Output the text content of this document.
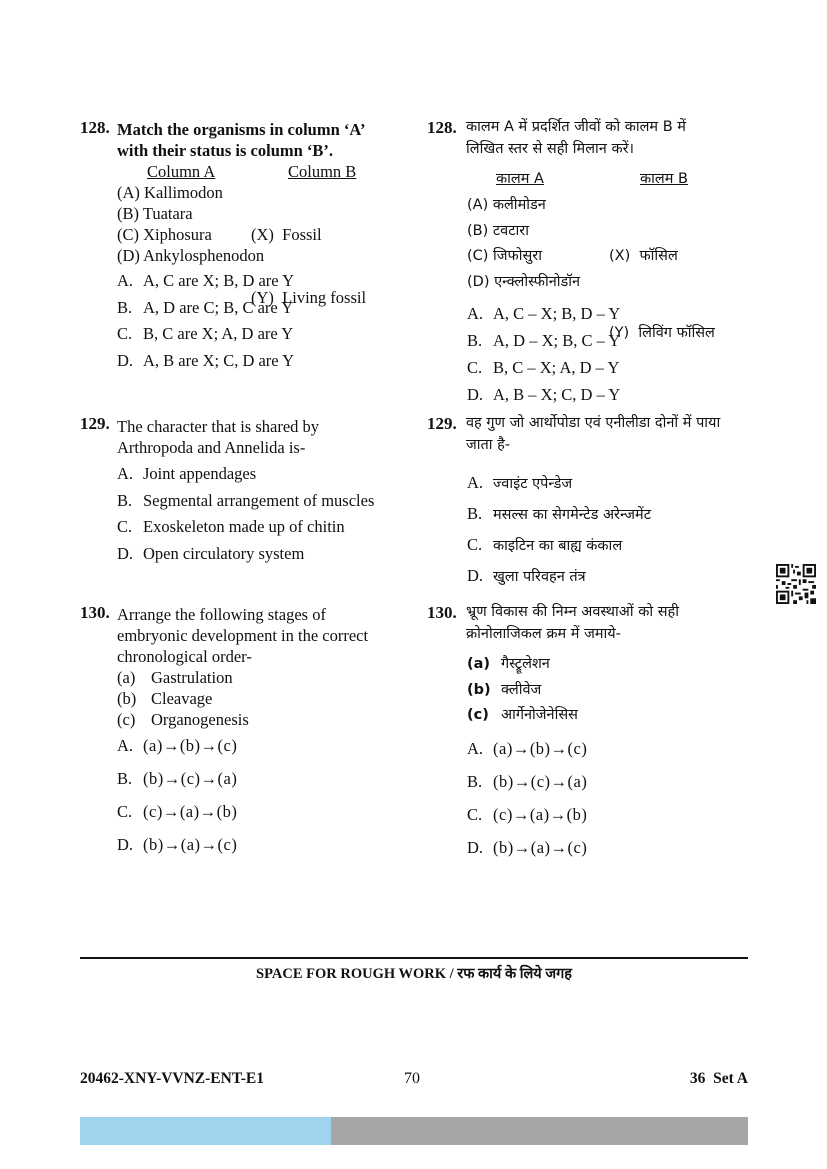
128. Match the organisms in column ‘A’
with their status is column ‘B’.
Column A	Column B
(A) Kallimodon
(B) Tuatara
(C) Xiphosura
(D) Ankylosphenodon

(X)  Fossil

(Y)  Living fossil

A. A, C are X; B, D are Y
B. A, D are C; B, C are Y
C. B, C are X; A, D are Y
D. A, B are X; C, D are Y
129. The character that is shared by
Arthropoda and Annelida is-
A. Joint appendages
B. Segmental arrangement of muscles
C. Exoskeleton made up of chitin
D. Open circulatory system
130. Arrange the following stages of
embryonic development in the correct
chronological order-
(a) Gastrulation
(b) Cleavage
(c) Organogenesis
A. (a)→(b)→(c)
B. (b)→(c)→(a)
C. (c)→(a)→(b)
D. (b)→(a)→(c)
128. कालम A में प्रदर्शित जीवों को कालम B में
लिखित स्तर से सही मिलान करें।
कालम A	कालम B
(A) कलीमोडन
(B) टवटारा
(C) जिफोसुरा
(D) एन्क्लोस्फीनोडॉन

(X)  फॉसिल

(Y)  लिविंग फॉसिल

A. A, C – X; B, D – Y
B. A, D – X; B, C – Y
C. B, C – X; A, D – Y
D. A, B – X; C, D – Y
129. वह गुण जो आर्थोपोडा एवं एनीलीडा दोनों में पाया
जाता है-
A. ज्वाइंट एपेन्डेज
B. मसल्स का सेगमेन्टेड अरेन्जमेंट
C. काइटिन का बाह्य कंकाल
D. खुला परिवहन तंत्र
130. भ्रूण विकास की निम्न अवस्थाओं को सही
क्रोनोलाजिकल क्रम में जमाये-
(a) गैस्ट्रूलेशन
(b) क्लीवेज
(c) आर्गेनोजेनेसिस
A. (a)→(b)→(c)
B. (b)→(c)→(a)
C. (c)→(a)→(b)
D. (b)→(a)→(c)
SPACE FOR ROUGH WORK / रफ कार्य के लिये जगह
20462-XNY-VVNZ-ENT-E1	70	36  Set A
